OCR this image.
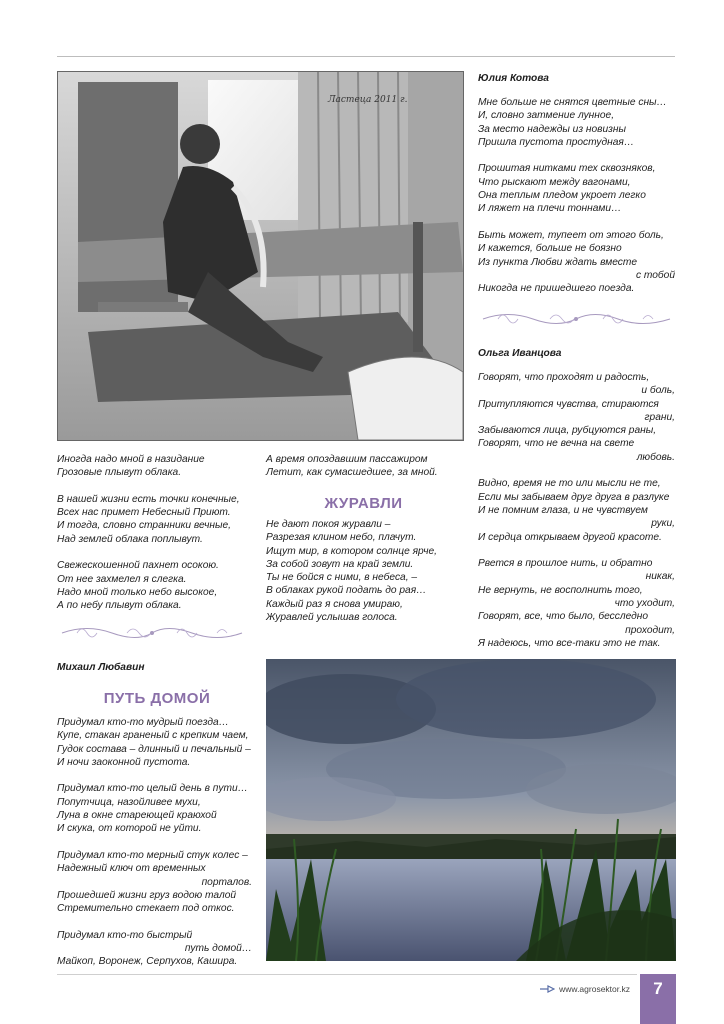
Ластеца 2011 г.
Иногда надо мной в назидание
Грозовые плывут облака.
В нашей жизни есть точки конечные,
Всех нас примет Небесный Приют.
И тогда, словно странники вечные,
Над землей облака поплывут.
Свежескошенной пахнет осокою.
От нее захмелел я слегка.
Надо мной только небо высокое,
А по небу плывут облака.
А время опоздавшим пассажиром
Летит, как сумасшедшее, за мной.
ЖУРАВЛИ
Не дают покоя журавли –
Разрезая клином небо, плачут.
Ищут мир, в котором солнце ярче,
За собой зовут на край земли.
Ты не бойся с ними, в небеса, –
В облаках рукой подать до рая…
Каждый раз я снова умираю,
Журавлей услышав голоса.
Юлия Котова
Мне больше не снятся цветные сны…
И, словно затмение лунное,
За место надежды из новизны
Пришла пустота простудная…
Прошитая нитками тех сквозняков,
Что рыскают между вагонами,
Она теплым пледом укроет легко
И ляжет на плечи тоннами…
Быть может, тупеет от этого боль,
И кажется, больше не боязно
Из пункта Любви ждать вместе
с тобой
Никогда не пришедшего поезда.
Ольга Иванцова
Говорят, что проходят и радость,
и боль,
Притупляются чувства, стираются
грани,
Забываются лица, рубцуются раны,
Говорят, что не вечна на свете
любовь.
Видно, время не то или мысли не те,
Если мы забываем друг друга в разлуке
И не помним глаза, и не чувствуем
руки,
И сердца открываем другой красоте.
Рвется в прошлое нить, и обратно
никак,
Не вернуть, не восполнить того,
что уходит,
Говорят, все, что было, бесследно
проходит,
Я надеюсь, что все-таки это не так.
Михаил Любавин
ПУТЬ ДОМОЙ
Придумал кто-то мудрый поезда…
Купе, стакан граненый с крепким чаем,
Гудок состава – длинный и печальный –
И ночи заоконной пустота.
Придумал кто-то целый день в пути…
Попутчица, назойливее мухи,
Луна в окне стареющей краюхой
И скука, от которой не уйти.
Придумал кто-то мерный стук колес –
Надежный ключ от временных
порталов.
Прошедшей жизни груз водою талой
Стремительно стекает под откос.
Придумал кто-то быстрый
путь домой…
Майкоп, Воронеж, Серпухов, Кашира.
www.agrosektor.kz	7
